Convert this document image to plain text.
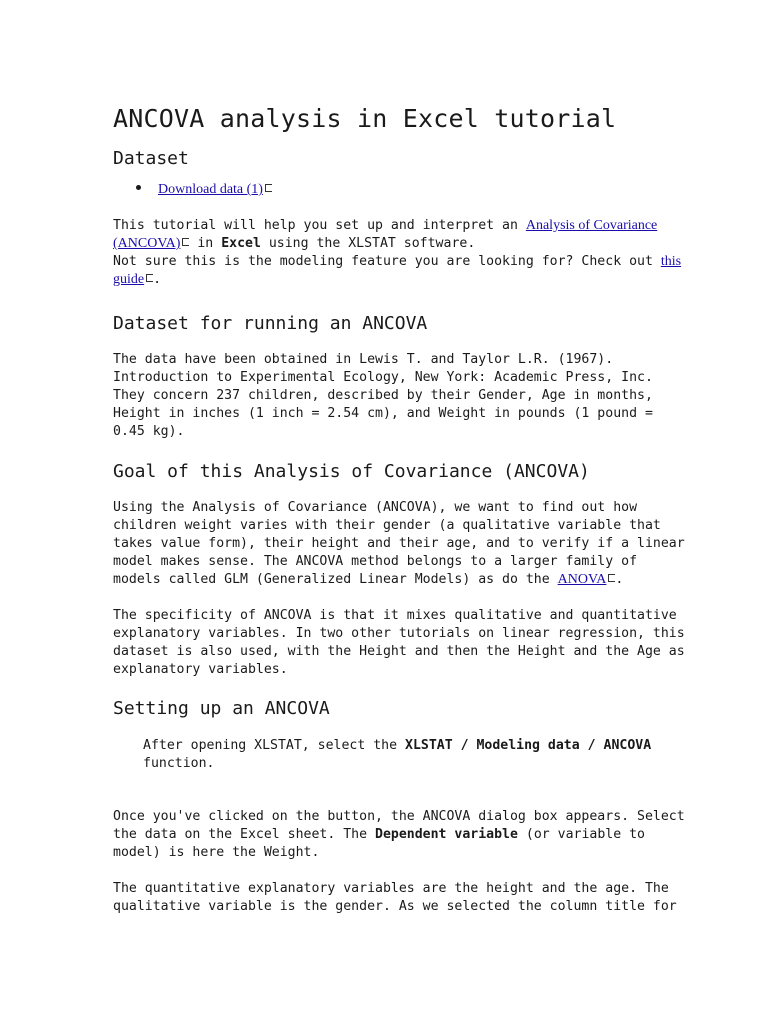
ANCOVA analysis in Excel tutorial
Dataset
Download data (1)
This tutorial will help you set up and interpret an Analysis of Covariance
(ANCOVA) in Excel using the XLSTAT software.
Not sure this is the modeling feature you are looking for? Check out this
guide .
Dataset for running an ANCOVA
The data have been obtained in Lewis T. and Taylor L.R. (1967).
Introduction to Experimental Ecology, New York: Academic Press, Inc.
They concern 237 children, described by their Gender, Age in months,
Height in inches (1 inch = 2.54 cm), and Weight in pounds (1 pound =
0.45 kg).
Goal of this Analysis of Covariance (ANCOVA)
Using the Analysis of Covariance (ANCOVA), we want to find out how
children weight varies with their gender (a qualitative variable that
takes value form), their height and their age, and to verify if a linear
model makes sense. The ANCOVA method belongs to a larger family of
models called GLM (Generalized Linear Models) as do the ANOVA .
The specificity of ANCOVA is that it mixes qualitative and quantitative
explanatory variables. In two other tutorials on linear regression, this
dataset is also used, with the Height and then the Height and the Age as
explanatory variables.
Setting up an ANCOVA
After opening XLSTAT, select the XLSTAT / Modeling data / ANCOVA
function.
Once you've clicked on the button, the ANCOVA dialog box appears. Select
the data on the Excel sheet. The Dependent variable (or variable to
model) is here the Weight.
The quantitative explanatory variables are the height and the age. The
qualitative variable is the gender. As we selected the column title for
